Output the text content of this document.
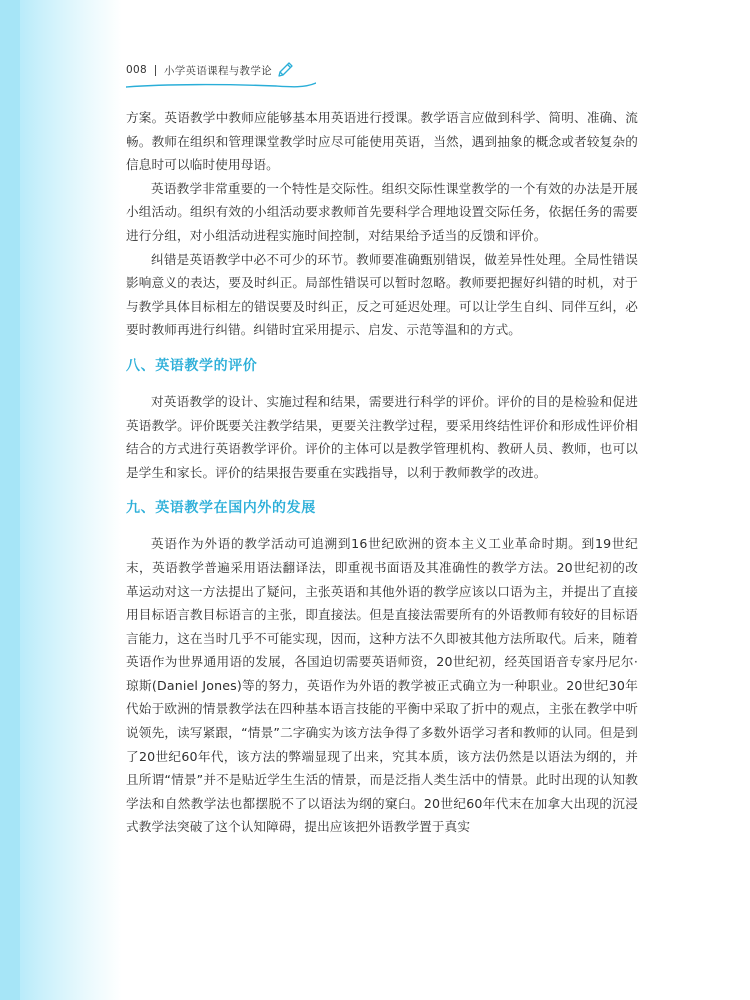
008 小学英语课程与教学论

方案。英语教学中教师应能够基本用英语进行授课。教学语言应做到科学、简明、准确、流畅。教师在组织和管理课堂教学时应尽可能使用英语，当然，遇到抽象的概念或者较复杂的信息时可以临时使用母语。

英语教学非常重要的一个特性是交际性。组织交际性课堂教学的一个有效的办法是开展小组活动。组织有效的小组活动要求教师首先要科学合理地设置交际任务，依据任务的需要进行分组，对小组活动进程实施时间控制，对结果给予适当的反馈和评价。

纠错是英语教学中必不可少的环节。教师要准确甄别错误，做差异性处理。全局性错误影响意义的表达，要及时纠正。局部性错误可以暂时忽略。教师要把握好纠错的时机，对于与教学具体目标相左的错误要及时纠正，反之可延迟处理。可以让学生自纠、同伴互纠，必要时教师再进行纠错。纠错时宜采用提示、启发、示范等温和的方式。

八、英语教学的评价

对英语教学的设计、实施过程和结果，需要进行科学的评价。评价的目的是检验和促进英语教学。评价既要关注教学结果，更要关注教学过程，要采用终结性评价和形成性评价相结合的方式进行英语教学评价。评价的主体可以是教学管理机构、教研人员、教师，也可以是学生和家长。评价的结果报告要重在实践指导，以利于教师教学的改进。

九、英语教学在国内外的发展

英语作为外语的教学活动可追溯到16世纪欧洲的资本主义工业革命时期。到19世纪末，英语教学普遍采用语法翻译法，即重视书面语及其准确性的教学方法。20世纪初的改革运动对这一方法提出了疑问，主张英语和其他外语的教学应该以口语为主，并提出了直接用目标语言教目标语言的主张，即直接法。但是直接法需要所有的外语教师有较好的目标语言能力，这在当时几乎不可能实现，因而，这种方法不久即被其他方法所取代。后来，随着英语作为世界通用语的发展，各国迫切需要英语师资，20世纪初，经英国语音专家丹尼尔·琼斯(Daniel Jones)等的努力，英语作为外语的教学被正式确立为一种职业。20世纪30年代始于欧洲的情景教学法在四种基本语言技能的平衡中采取了折中的观点，主张在教学中听说领先，读写紧跟，“情景”二字确实为该方法争得了多数外语学习者和教师的认同。但是到了20世纪60年代，该方法的弊端显现了出来，究其本质，该方法仍然是以语法为纲的，并且所谓“情景”并不是贴近学生生活的情景，而是泛指人类生活中的情景。此时出现的认知教学法和自然教学法也都摆脱不了以语法为纲的窠臼。20世纪60年代末在加拿大出现的沉浸式教学法突破了这个认知障碍，提出应该把外语教学置于真实
